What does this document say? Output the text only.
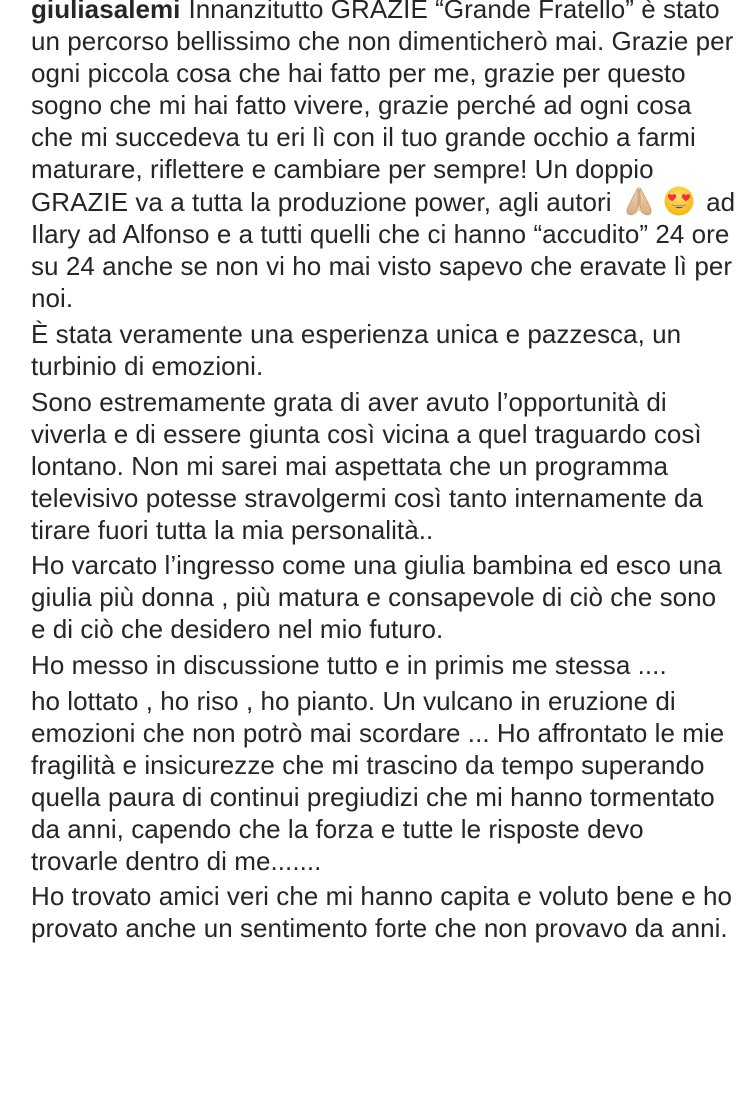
giuliasalemi Innanzitutto GRAZIE “Grande Fratello” è stato un percorso bellissimo che non dimenticherò mai. Grazie per ogni piccola cosa che hai fatto per me, grazie per questo sogno che mi hai fatto vivere, grazie perché ad ogni cosa che mi succedeva tu eri lì con il tuo grande occhio a farmi maturare, riflettere e cambiare per sempre! Un doppio GRAZIE va a tutta la produzione power, agli autori	ad Ilary ad Alfonso e a tutti quelli che ci hanno “accudito” 24 ore su 24 anche se non vi ho mai visto sapevo che eravate lì per noi.

È stata veramente una esperienza unica e pazzesca, un turbinio di emozioni.

Sono estremamente grata di aver avuto l’opportunità di viverla e di essere giunta così vicina a quel traguardo così lontano. Non mi sarei mai aspettata che un programma televisivo potesse stravolgermi così tanto internamente da tirare fuori tutta la mia personalità..

Ho varcato l’ingresso come una giulia bambina ed esco una giulia più donna , più matura e consapevole di ciò che sono e di ciò che desidero nel mio futuro.

Ho messo in discussione tutto e in primis me stessa ....

ho lottato , ho riso , ho pianto. Un vulcano in eruzione di emozioni che non potrò mai scordare ... Ho affrontato le mie fragilità e insicurezze che mi trascino da tempo superando quella paura di continui pregiudizi che mi hanno tormentato da anni, capendo che la forza e tutte le risposte devo trovarle dentro di me.......

Ho trovato amici veri che mi hanno capita e voluto bene e ho provato anche un sentimento forte che non provavo da anni.
